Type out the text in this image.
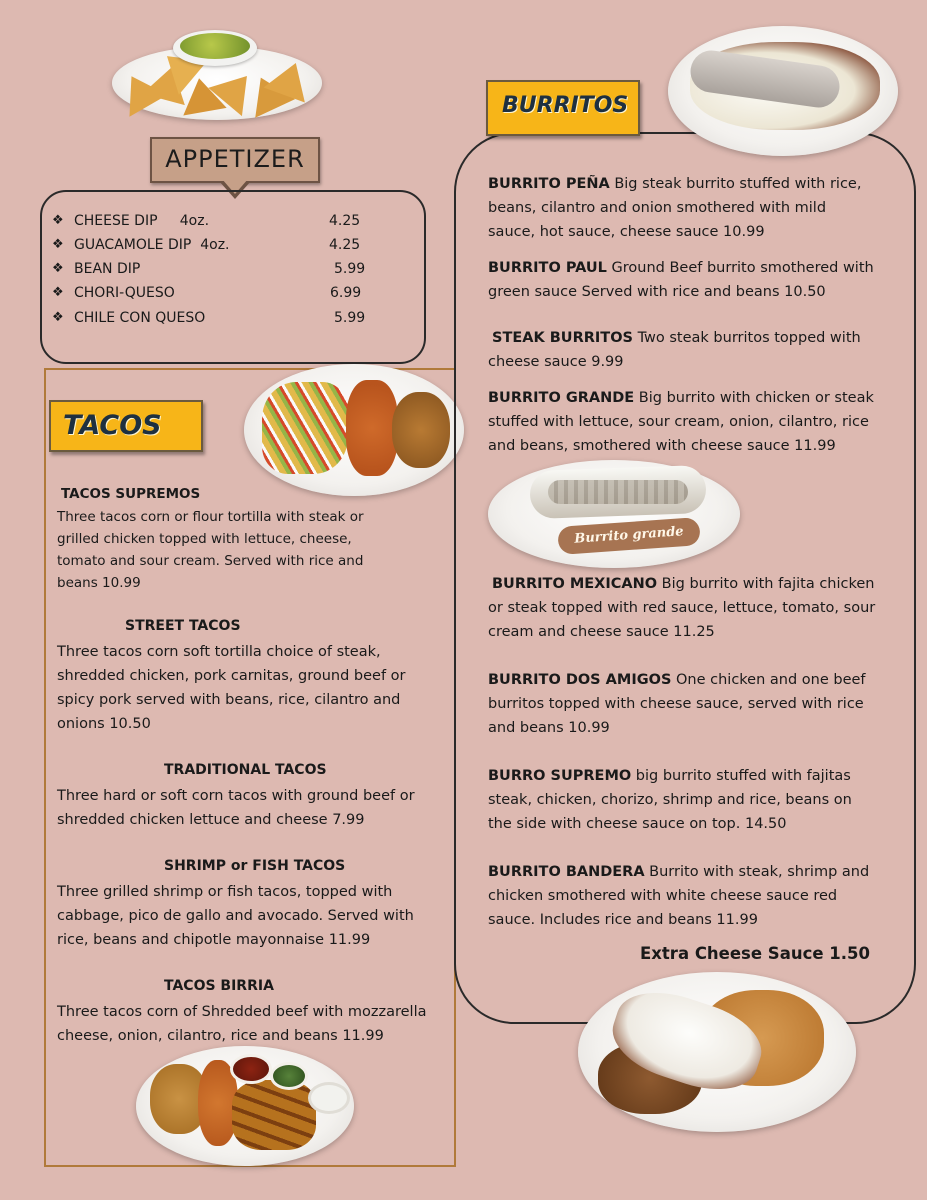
APPETIZER
❖ CHEESE DIP     4oz.	4.25
❖ GUACAMOLE DIP  4oz.	4.25
❖ BEAN DIP	5.99
❖ CHORI-QUESO	6.99
❖ CHILE CON QUESO	5.99
TACOS
TACOS SUPREMOS
Three tacos corn or flour tortilla with steak or grilled chicken topped with lettuce, cheese, tomato and sour cream. Served with rice and beans 10.99
STREET TACOS
Three tacos corn soft tortilla choice of steak, shredded chicken, pork carnitas, ground beef or spicy pork served with beans, rice, cilantro and onions 10.50
TRADITIONAL TACOS
Three hard or soft corn tacos with ground beef or shredded chicken lettuce and cheese 7.99
SHRIMP or FISH TACOS
Three grilled shrimp or fish tacos, topped with cabbage, pico de gallo and avocado. Served with rice, beans and chipotle mayonnaise 11.99
TACOS BIRRIA
Three tacos corn of Shredded beef with mozzarella cheese, onion, cilantro, rice and beans 11.99
BURRITOS
Burrito grande
BURRITO PEÑA Big steak burrito stuffed with rice, beans, cilantro and onion smothered with mild sauce, hot sauce, cheese sauce 10.99
BURRITO PAUL Ground Beef burrito smothered with green sauce Served with rice and beans 10.50
STEAK BURRITOS Two steak burritos topped with cheese sauce 9.99
BURRITO GRANDE Big burrito with chicken or steak stuffed with lettuce, sour cream, onion, cilantro, rice and beans, smothered with cheese sauce 11.99
BURRITO MEXICANO Big burrito with fajita chicken or steak topped with red sauce, lettuce, tomato, sour cream and cheese sauce 11.25
BURRITO DOS AMIGOS One chicken and one beef burritos topped with cheese sauce, served with rice and beans 10.99
BURRO SUPREMO big burrito stuffed with fajitas steak, chicken, chorizo, shrimp and rice, beans on the side with cheese sauce on top. 14.50
BURRITO BANDERA Burrito with steak, shrimp and chicken smothered with white cheese sauce red sauce. Includes rice and beans 11.99
Extra Cheese Sauce 1.50
